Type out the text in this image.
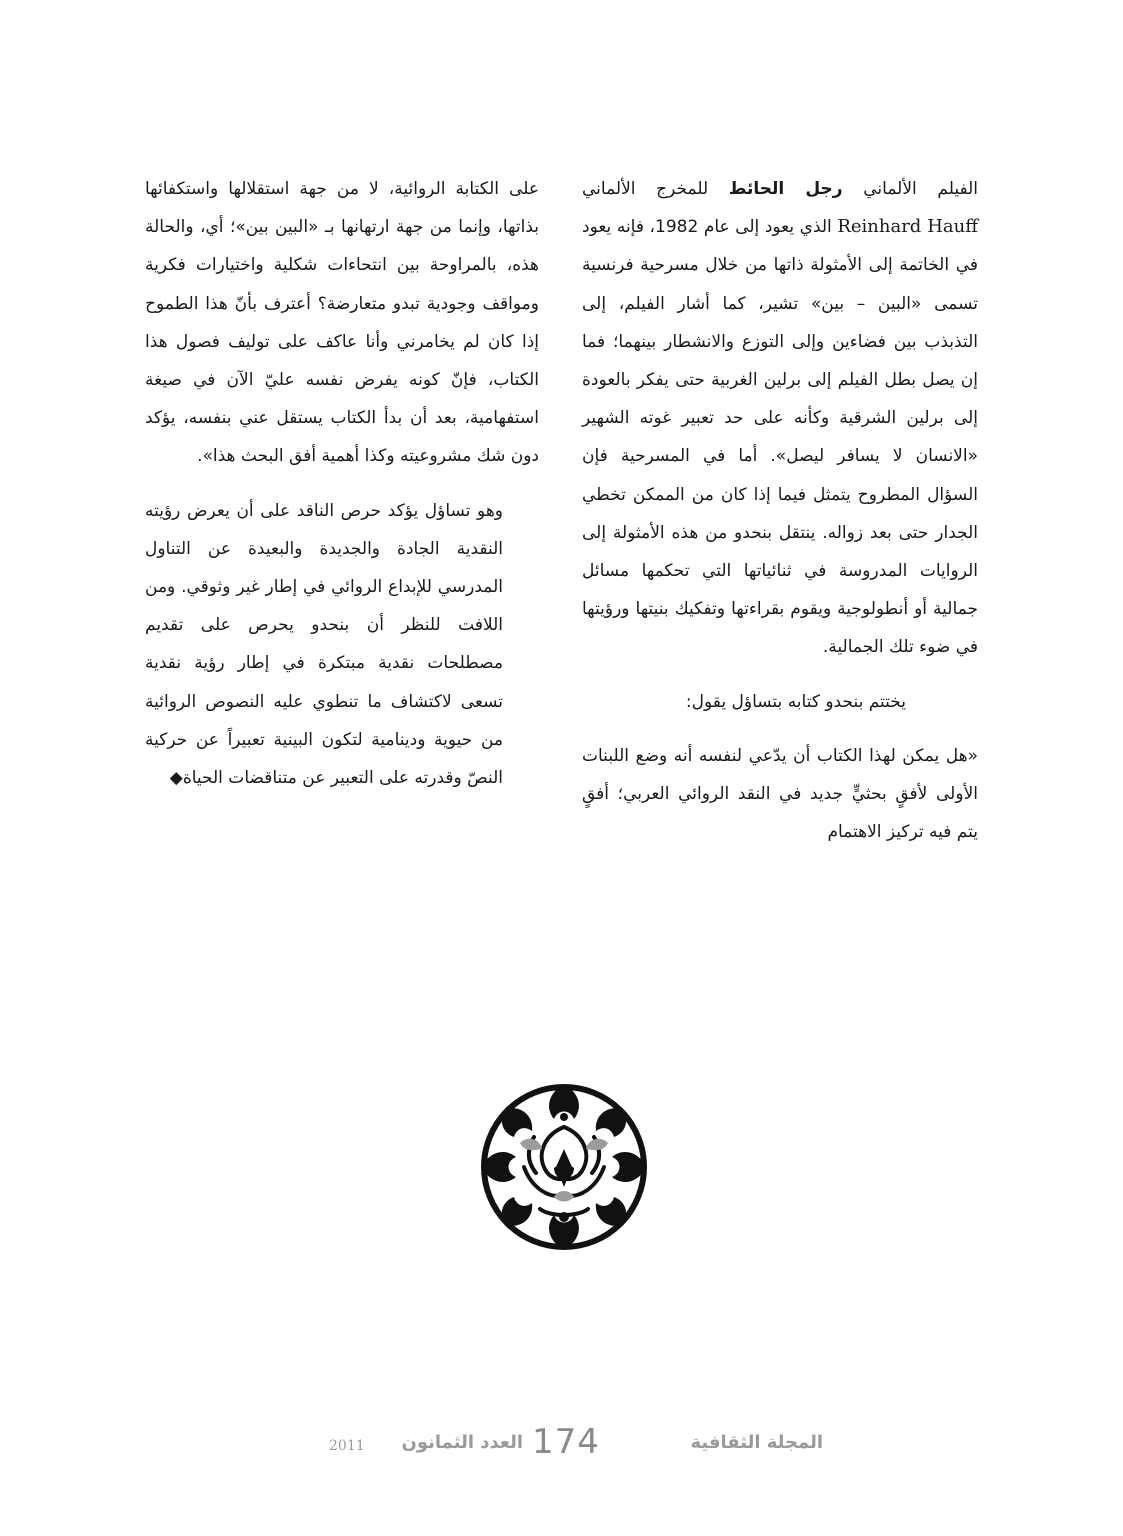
الفيلم الألماني رجل الحائط للمخرج الألماني Reinhard Hauff الذي يعود إلى عام 1982، فإنه يعود في الخاتمة إلى الأمثولة ذاتها من خلال مسرحية فرنسية تسمى «البين – بين» تشير، كما أشار الفيلم، إلى التذبذب بين فضاءين وإلى التوزع والانشطار بينهما؛ فما إن يصل بطل الفيلم إلى برلين الغربية حتى يفكر بالعودة إلى برلين الشرقية وكأنه على حد تعبير غوته الشهير «الانسان لا يسافر ليصل». أما في المسرحية فإن السؤال المطروح يتمثل فيما إذا كان من الممكن تخطي الجدار حتى بعد زواله. ينتقل بنحدو من هذه الأمثولة إلى الروايات المدروسة في ثنائياتها التي تحكمها مسائل جمالية أو أنطولوجية ويقوم بقراءتها وتفكيك بنيتها ورؤيتها في ضوء تلك الجمالية.

يختتم بنحدو كتابه بتساؤل يقول:

«هل يمكن لهذا الكتاب أن يدّعي لنفسه أنه وضع اللبنات الأولى لأفقٍ بحثيٍّ جديد في النقد الروائي العربي؛ أفقٍ يتم فيه تركيز الاهتمام

على الكتابة الروائية، لا من جهة استقلالها واستكفائها بذاتها، وإنما من جهة ارتهانها بـ «البين بين»؛ أي، والحالة هذه، بالمراوحة بين انتحاءات شكلية واختيارات فكرية ومواقف وجودية تبدو متعارضة؟ أعترف بأنّ هذا الطموح إذا كان لم يخامرني وأنا عاكف على توليف فصول هذا الكتاب، فإنّ كونه يفرض نفسه عليّ الآن في صيغة استفهامية، بعد أن بدأ الكتاب يستقل عني بنفسه، يؤكد دون شك مشروعيته وكذا أهمية أفق البحث هذا».

وهو تساؤل يؤكد حرص الناقد على أن يعرض رؤيته النقدية الجادة والجديدة والبعيدة عن التناول المدرسي للإبداع الروائي في إطار غير وثوقي. ومن اللافت للنظر أن بنحدو يحرص على تقديم مصطلحات نقدية مبتكرة في إطار رؤية نقدية تسعى لاكتشاف ما تنطوي عليه النصوص الروائية من حيوية ودينامية لتكون البينية تعبيراً عن حركية النصّ وقدرته على التعبير عن متناقضات الحياة◆

2011	العدد الثمانون 174	المجلة الثقافية
